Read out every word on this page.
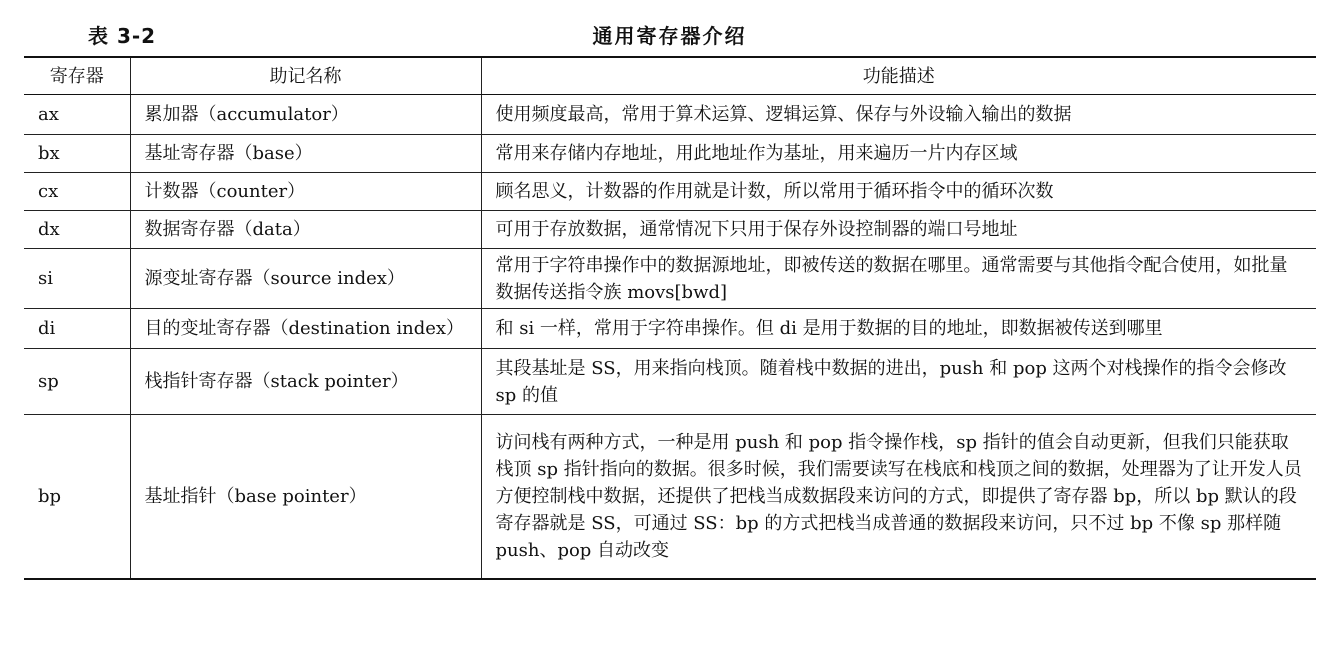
表 3-2	通用寄存器介绍
寄存器	助记名称	功能描述
ax	累加器（accumulator）	使用频度最高，常用于算术运算、逻辑运算、保存与外设输入输出的数据
bx	基址寄存器（base）	常用来存储内存地址，用此地址作为基址，用来遍历一片内存区域
cx	计数器（counter）	顾名思义，计数器的作用就是计数，所以常用于循环指令中的循环次数
dx	数据寄存器（data）	可用于存放数据，通常情况下只用于保存外设控制器的端口号地址
si	源变址寄存器（source index）	常用于字符串操作中的数据源地址，即被传送的数据在哪里。通常需要与其他指令配合使用，如批量数据传送指令族 movs[bwd]
di	目的变址寄存器（destination index）	和 si 一样，常用于字符串操作。但 di 是用于数据的目的地址，即数据被传送到哪里
sp	栈指针寄存器（stack pointer）	其段基址是 SS，用来指向栈顶。随着栈中数据的进出，push 和 pop 这两个对栈操作的指令会修改 sp 的值
bp	基址指针（base pointer）	访问栈有两种方式，一种是用 push 和 pop 指令操作栈，sp 指针的值会自动更新，但我们只能获取栈顶 sp 指针指向的数据。很多时候，我们需要读写在栈底和栈顶之间的数据，处理器为了让开发人员方便控制栈中数据，还提供了把栈当成数据段来访问的方式，即提供了寄存器 bp，所以 bp 默认的段寄存器就是 SS，可通过 SS：bp 的方式把栈当成普通的数据段来访问，只不过 bp 不像 sp 那样随 push、pop 自动改变
